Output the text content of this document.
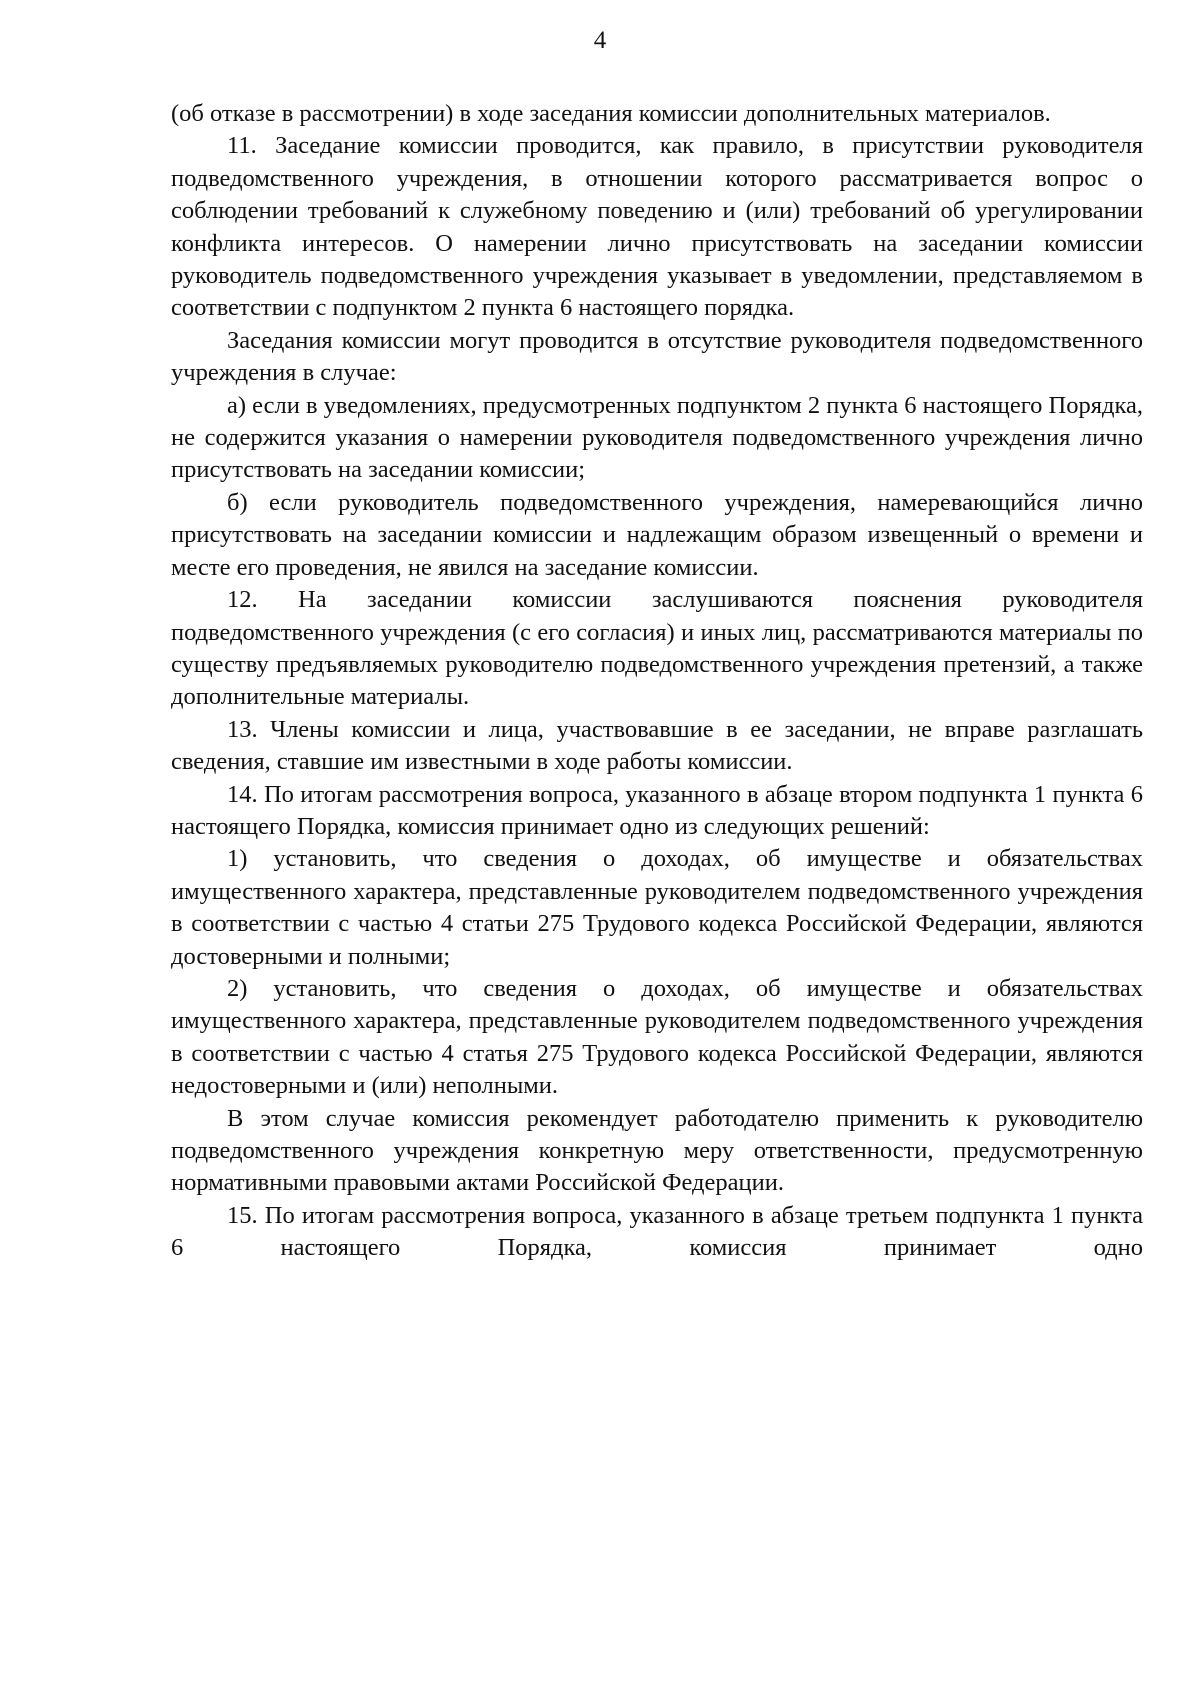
4

(об отказе в рассмотрении) в ходе заседания комиссии дополнительных материалов.

11. Заседание комиссии проводится, как правило, в присутствии руководителя подведомственного учреждения, в отношении которого рассматривается вопрос о соблюдении требований к служебному поведению и (или) требований об урегулировании конфликта интересов. О намерении лично присутствовать на заседании комиссии руководитель подведомственного учреждения указывает в уведомлении, представляемом в соответствии с подпунктом 2 пункта 6 настоящего порядка.

Заседания комиссии могут проводится в отсутствие руководителя подведомственного учреждения в случае:

а) если в уведомлениях, предусмотренных подпунктом 2 пункта 6 настоящего Порядка, не содержится указания о намерении руководителя подведомственного учреждения лично присутствовать на заседании комиссии;

б) если руководитель подведомственного учреждения, намеревающийся лично присутствовать на заседании комиссии и надлежащим образом извещенный о времени и месте его проведения, не явился на заседание комиссии.

12. На заседании комиссии заслушиваются пояснения руководителя подведомственного учреждения (с его согласия) и иных лиц, рассматриваются материалы по существу предъявляемых руководителю подведомственного учреждения претензий, а также дополнительные материалы.

13. Члены комиссии и лица, участвовавшие в ее заседании, не вправе разглашать сведения, ставшие им известными в ходе работы комиссии.

14. По итогам рассмотрения вопроса, указанного в абзаце втором подпункта 1 пункта 6 настоящего Порядка, комиссия принимает одно из следующих решений:

1) установить, что сведения о доходах, об имуществе и обязательствах имущественного характера, представленные руководителем подведомственного учреждения в соответствии с частью 4 статьи 275 Трудового кодекса Российской Федерации, являются достоверными и полными;

2) установить, что сведения о доходах, об имуществе и обязательствах имущественного характера, представленные руководителем подведомственного учреждения в соответствии с частью 4 статья 275 Трудового кодекса Российской Федерации, являются недостоверными и (или) неполными.

В этом случае комиссия рекомендует работодателю применить к руководителю подведомственного учреждения конкретную меру ответственности, предусмотренную нормативными правовыми актами Российской Федерации.

15. По итогам рассмотрения вопроса, указанного в абзаце третьем подпункта 1 пункта 6 настоящего Порядка, комиссия принимает одно
